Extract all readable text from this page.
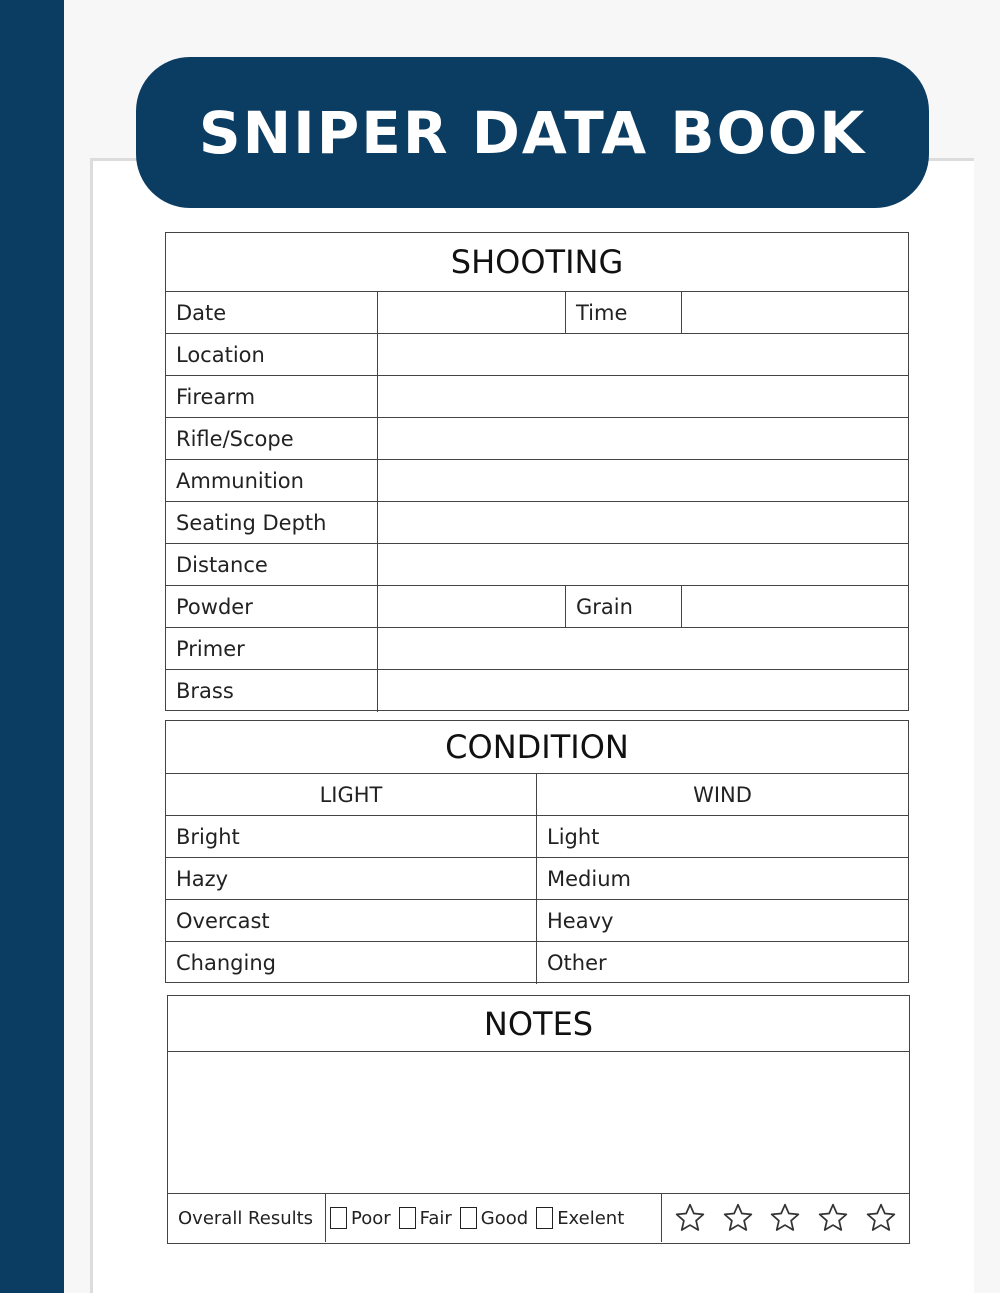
SNIPER DATA BOOK
SHOOTING
Date	Time
Location
Firearm
Rifle/Scope
Ammunition
Seating Depth
Distance
Powder	Grain
Primer
Brass
CONDITION
LIGHT	WIND
Bright	Light
Hazy	Medium
Overcast	Heavy
Changing	Other
NOTES
Overall Results	Poor Fair Good Exelent
